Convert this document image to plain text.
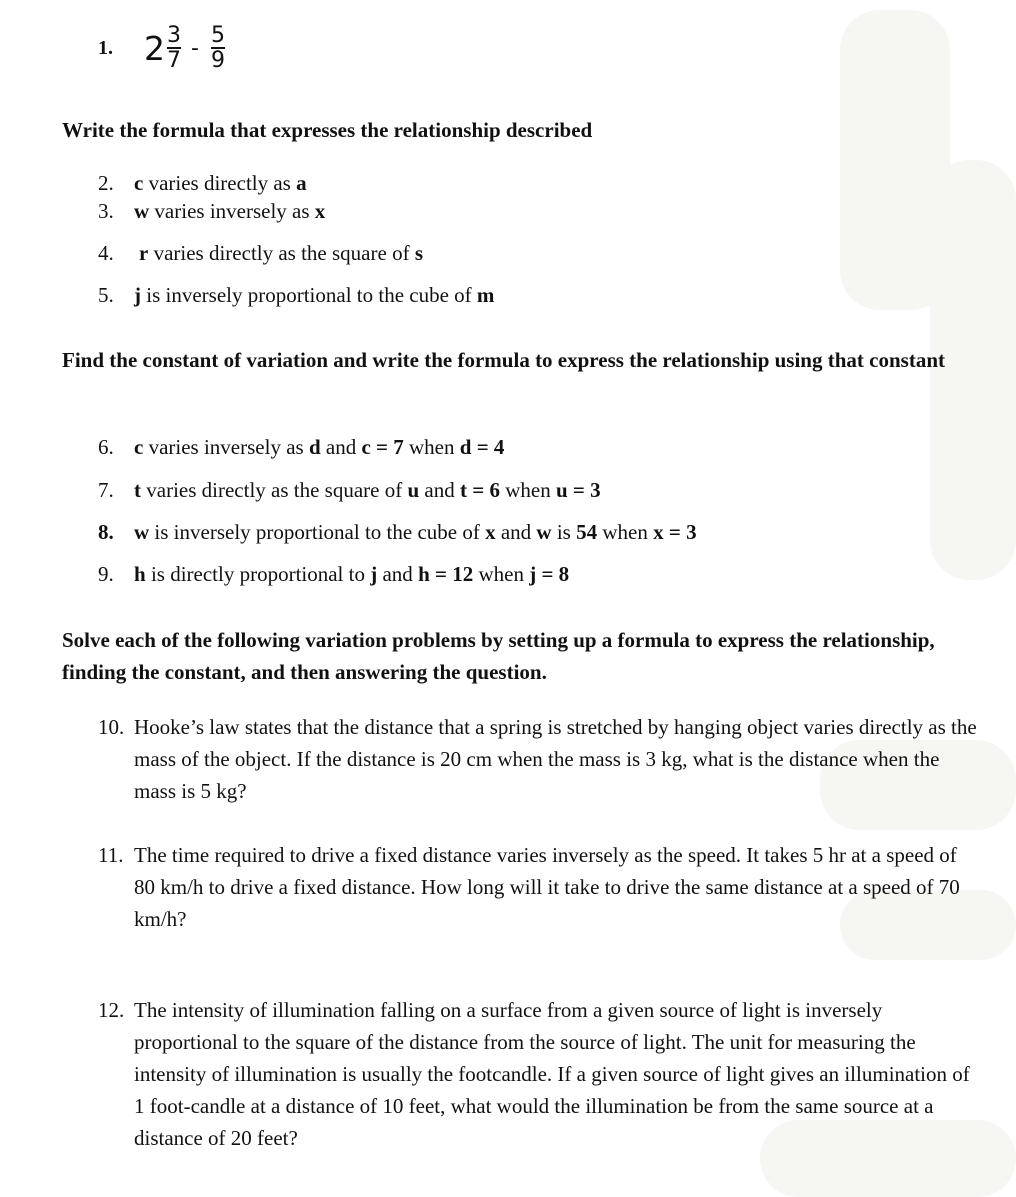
1. $2 \frac{3}{7} - \frac{5}{9}$
Write the formula that expresses the relationship described
2. c varies directly as a
3. w varies inversely as x
4.	r varies directly as the square of s
5. j is inversely proportional to the cube of m
Find the constant of variation and write the formula to express the relationship using that constant
6. c varies inversely as d and c = 7 when d = 4
7. t varies directly as the square of u and t = 6 when u = 3
8. w is inversely proportional to the cube of x and w is 54 when x = 3
9. h is directly proportional to j and h = 12 when j = 8
Solve each of the following variation problems by setting up a formula to express the relationship, finding the constant, and then answering the question.
10. Hooke’s law states that the distance that a spring is stretched by hanging object varies directly as the mass of the object. If the distance is 20 cm when the mass is 3 kg, what is the distance when the mass is 5 kg?
11. The time required to drive a fixed distance varies inversely as the speed. It takes 5 hr at a speed of 80 km/h to drive a fixed distance. How long will it take to drive the same distance at a speed of 70 km/h?
12. The intensity of illumination falling on a surface from a given source of light is inversely proportional to the square of the distance from the source of light. The unit for measuring the intensity of illumination is usually the footcandle. If a given source of light gives an illumination of 1 foot-candle at a distance of 10 feet, what would the illumination be from the same source at a distance of 20 feet?
